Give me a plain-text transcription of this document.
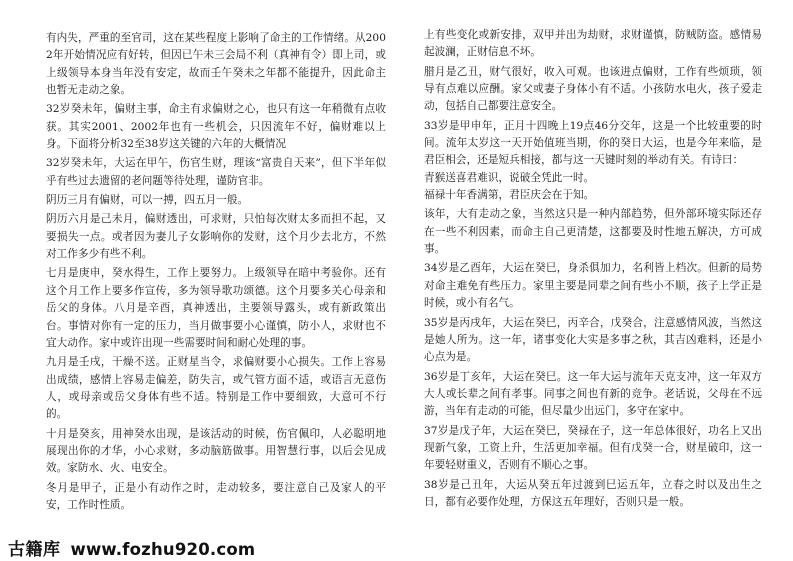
有内失，严重的至官司，这在某些程度上影响了命主的工作情绪。从2002年开始情况应有好转，但因已午未三会局不利（真神有令）即上司，或上级领导本身当年没有安定，故而壬午癸未之年都不能提升，因此命主也暂无走动之象。

32岁癸未年，偏财主事，命主有求偏财之心，也只有这一年稍微有点收获。其实2001、2002年也有一些机会，只因流年不好，偏财难以上身。下面将分析32至38岁这关键的六年的大概情况

32岁癸未年，大运在甲午，伤官生财，理该“富贵自天来”，但下半年似乎有些过去遗留的老问题等待处理，谨防官非。

阴历三月有偏财，可以一搏，四五月一般。

阴历六月是己未月，偏财透出，可求财，只怕每次财太多而担不起，又要损失一点。或者因为妻儿子女影响你的发财，这个月少去北方，不然对工作多少有些不利。

七月是庚申，癸水得生，工作上要努力。上级领导在暗中考验你。还有这个月工作上要多作宣传，多为领导歌功颂德。这个月要多关心母亲和岳父的身体。八月是辛酉，真神透出，主要领导露头，或有新政策出台。事情对你有一定的压力，当月做事要小心谨慎，防小人，求财也不宜大动作。家中或许出现一些需要时间和耐心处理的事。

九月是壬戌，干燥不送。正财星当令，求偏财要小心损失。工作上容易出成绩，感情上容易走偏差，防失言，或气管方面不适，或语言无意伤人，或母亲或岳父身体有些不适。特别是工作中要细致，大意可不行的。

十月是癸亥，用神癸水出现，是该活动的时候，伤官佩印，人必聪明地展现出你的才华，小心求财，多动脑筋做事。用智慧行事，以后会见成效。家防水、火、电安全。

冬月是甲子，正是小有动作之时，走动较多，要注意自己及家人的平安，工作时性质。

上有些变化或新安排，双甲并出为劫财，求财谨慎，防贼防盗。感情易起波澜，正财信息不坏。

腊月是乙丑，财气很好，收入可观。也该进点偏财，工作有些烦琐，领导有点难以应酬。家父或妻子身体小有不适。小孩防水电火，孩子爱走动，包括自己都要注意安全。

33岁是甲申年，正月十四晚上19点46分交年，这是一个比较重要的时间。流年太岁这一天开始值班当期，你的癸日大运，也是今年来临，是君臣相会，还是短兵相接，都与这一天键时刻的举动有关。有诗曰：

青猴送喜君难识，说破全凭此一时。

福禄十年香满第，君臣庆会在于知。

该年，大有走动之象，当然这只是一种内部趋势，但外部环境实际还存在一些不利因素，而命主自己更清楚，这都要及时性地五解决，方可成事。

34岁是乙酉年，大运在癸巳，身杀俱加力，名利皆上档次。但新的局势对命主难免有些压力。家里主要是同辈之间有些小不顺，孩子上学正是时候，或小有名气。

35岁是丙戌年，大运在癸巳，丙辛合，戊癸合，注意感情风波，当然这是她人所为。这一年，诸事变化大实是多事之秋，其吉凶难料，还是小心点为是。

36岁是丁亥年，大运在癸巳。这一年大运与流年天克支冲，这一年双方大人或长辈之间有孝事。同事之间也有新的竞争。老话说，父母在不远游，当年有走动的可能，但尽量少出远门，多守在家中。

37岁是戊子年，大运在癸巳，癸禄在子，这一年总体很好，功名上又出现新气象，工资上升，生活更加幸福。但有戊癸一合，财星破印，这一年要轻财重义，否则有不顺心之事。

38岁是己丑年，大运从癸五年过渡到巳运五年，立春之时以及出生之日，都有必要作处理，方保这五年理好，否则只是一般。

古籍库 www.fozhu920.com
